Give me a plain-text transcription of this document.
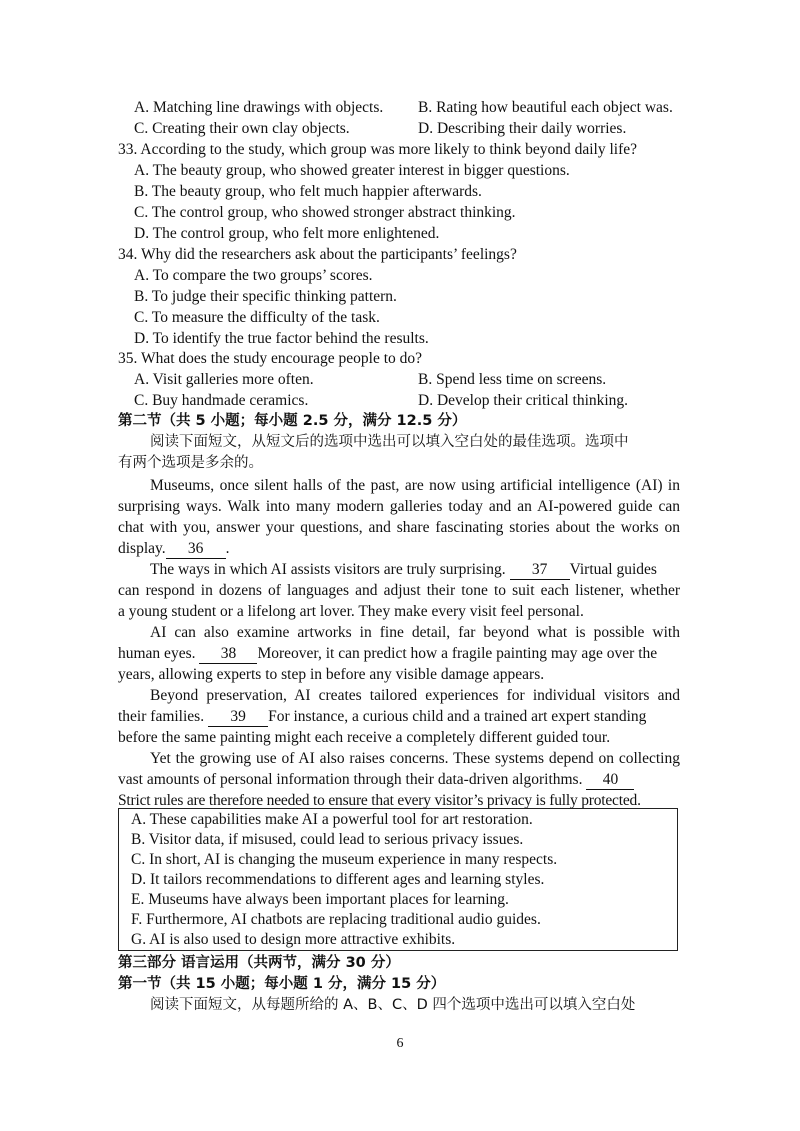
A. Matching line drawings with objects. B. Rating how beautiful each object was.
C. Creating their own clay objects.	D. Describing their daily worries.
33. According to the study, which group was more likely to think beyond daily life?
A. The beauty group, who showed greater interest in bigger questions.
B. The beauty group, who felt much happier afterwards.
C. The control group, who showed stronger abstract thinking.
D. The control group, who felt more enlightened.
34. Why did the researchers ask about the participants’ feelings?
A. To compare the two groups’ scores.
B. To judge their specific thinking pattern.
C. To measure the difficulty of the task.
D. To identify the true factor behind the results.
35. What does the study encourage people to do?
A. Visit galleries more often.	B. Spend less time on screens.
C. Buy handmade ceramics.	D. Develop their critical thinking.
第二节（共 5 小题；每小题 2.5 分，满分 12.5 分）
阅读下面短文，从短文后的选项中选出可以填入空白处的最佳选项。选项中
有两个选项是多余的。
Museums, once silent halls of the past, are now using artificial intelligence (AI) in
surprising ways. Walk into many modern galleries today and an AI-powered guide can
chat with you, answer your questions, and share fascinating stories about the works on
display. 36 .
The ways in which AI assists visitors are truly surprising. 37 Virtual guides
can respond in dozens of languages and adjust their tone to suit each listener, whether
a young student or a lifelong art lover. They make every visit feel personal.
AI can also examine artworks in fine detail, far beyond what is possible with
human eyes. 38 Moreover, it can predict how a fragile painting may age over the
years, allowing experts to step in before any visible damage appears.
Beyond preservation, AI creates tailored experiences for individual visitors and
their families. 39 For instance, a curious child and a trained art expert standing
before the same painting might each receive a completely different guided tour.
Yet the growing use of AI also raises concerns. These systems depend on collecting
vast amounts of personal information through their data-driven algorithms. 40
Strict rules are therefore needed to ensure that every visitor’s privacy is fully protected.
A. These capabilities make AI a powerful tool for art restoration.
B. Visitor data, if misused, could lead to serious privacy issues.
C. In short, AI is changing the museum experience in many respects.
D. It tailors recommendations to different ages and learning styles.
E. Museums have always been important places for learning.
F. Furthermore, AI chatbots are replacing traditional audio guides.
G. AI is also used to design more attractive exhibits.
第三部分 语言运用（共两节，满分 30 分）
第一节（共 15 小题；每小题 1 分，满分 15 分）
阅读下面短文，从每题所给的 A、B、C、D 四个选项中选出可以填入空白处
6
